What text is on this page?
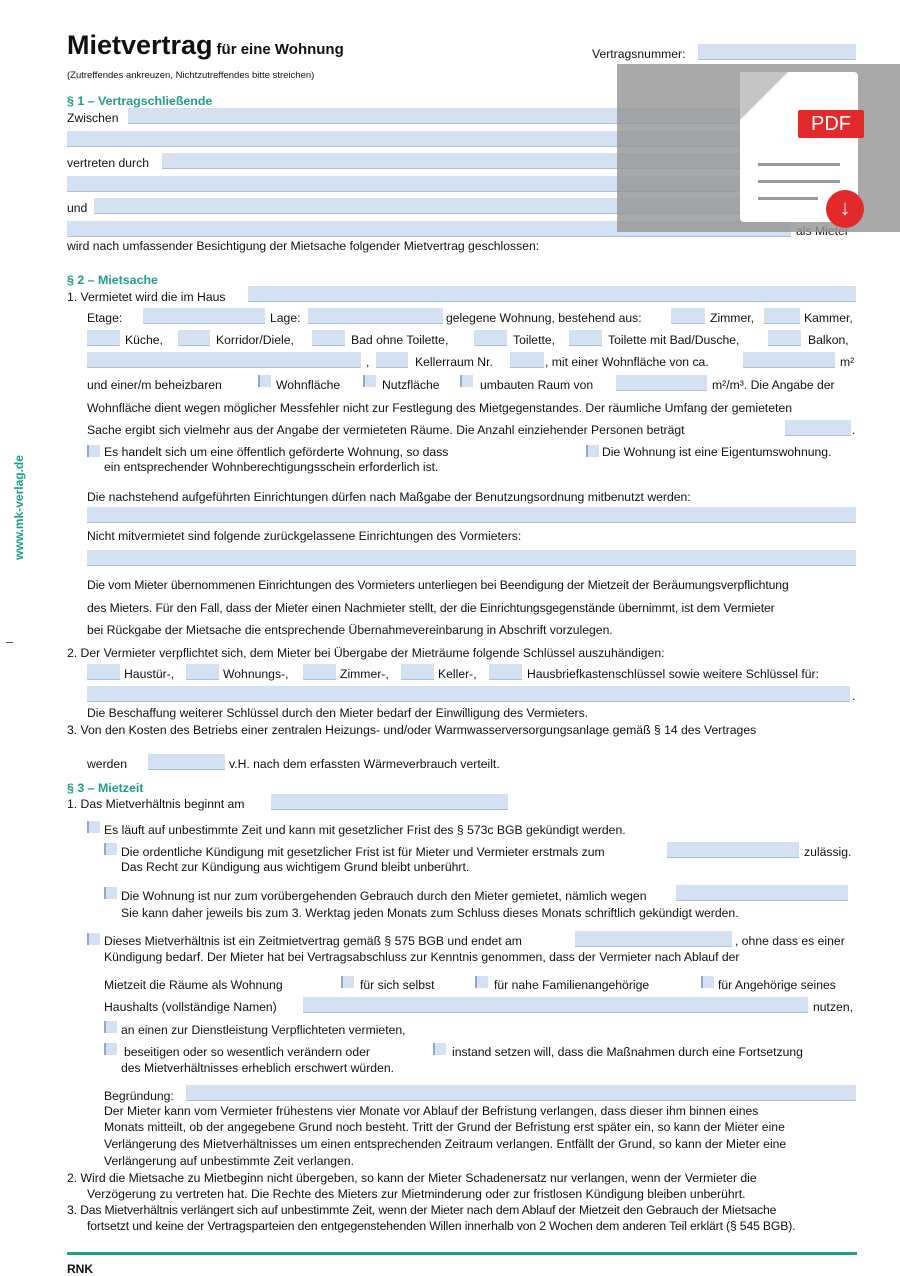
Mietvertrag für eine Wohnung
(Zutreffendes ankreuzen, Nichtzutreffendes bitte streichen)
Vertragsnummer:
www.mk-verlag.de
§ 1 – Vertragschließende
Zwischen
vertreten durch
und
wird nach umfassender Besichtigung der Mietsache folgender Mietvertrag geschlossen:
PDF
↓
§ 2 – Mietsache
1. Vermietet wird die im Haus
Etage:	Lage:	gelegene Wohnung, bestehend aus:	Zimmer,	Kammer,
Küche,	Korridor/Diele,	Bad ohne Toilette,	Toilette,	Toilette mit Bad/Dusche,	Balkon,
,	Kellerraum Nr.	, mit einer Wohnfläche von ca.	m²
und einer/m beheizbaren	Wohnfläche	Nutzfläche	umbauten Raum von	m²/m³. Die Angabe der
Wohnfläche dient wegen möglicher Messfehler nicht zur Festlegung des Mietgegenstandes. Der räumliche Umfang der gemieteten
Sache ergibt sich vielmehr aus der Angabe der vermieteten Räume. Die Anzahl einziehender Personen beträgt	.
Es handelt sich um eine öffentlich geförderte Wohnung, so dass
ein entsprechender Wohnberechtigungsschein erforderlich ist.
Die Wohnung ist eine Eigentumswohnung.
Die nachstehend aufgeführten Einrichtungen dürfen nach Maßgabe der Benutzungsordnung mitbenutzt werden:
Nicht mitvermietet sind folgende zurückgelassene Einrichtungen des Vormieters:
Die vom Mieter übernommenen Einrichtungen des Vormieters unterliegen bei Beendigung der Mietzeit der Beräumungsverpflichtung
des Mieters. Für den Fall, dass der Mieter einen Nachmieter stellt, der die Einrichtungsgegenstände übernimmt, ist dem Vermieter
bei Rückgabe der Mietsache die entsprechende Übernahmevereinbarung in Abschrift vorzulegen.
2. Der Vermieter verpflichtet sich, dem Mieter bei Übergabe der Mieträume folgende Schlüssel auszuhändigen:
Haustür-,	Wohnungs-,	Zimmer-,	Keller-,	Hausbriefkastenschlüssel sowie weitere Schlüssel für:
.
Die Beschaffung weiterer Schlüssel durch den Mieter bedarf der Einwilligung des Vermieters.
3. Von den Kosten des Betriebs einer zentralen Heizungs- und/oder Warmwasserversorgungsanlage gemäß § 14 des Vertrages
werden	v.H. nach dem erfassten Wärmeverbrauch verteilt.
§ 3 – Mietzeit
1. Das Mietverhältnis beginnt am
Es läuft auf unbestimmte Zeit und kann mit gesetzlicher Frist des § 573c BGB gekündigt werden.
Die ordentliche Kündigung mit gesetzlicher Frist ist für Mieter und Vermieter erstmals zum	zulässig.
Das Recht zur Kündigung aus wichtigem Grund bleibt unberührt.
Die Wohnung ist nur zum vorübergehenden Gebrauch durch den Mieter gemietet, nämlich wegen
Sie kann daher jeweils bis zum 3. Werktag jeden Monats zum Schluss dieses Monats schriftlich gekündigt werden.
Dieses Mietverhältnis ist ein Zeitmietvertrag gemäß § 575 BGB und endet am	, ohne dass es einer
Kündigung bedarf. Der Mieter hat bei Vertragsabschluss zur Kenntnis genommen, dass der Vermieter nach Ablauf der
Mietzeit die Räume als Wohnung	für sich selbst	für nahe Familienangehörige	für Angehörige seines
Haushalts (vollständige Namen)	nutzen,
an einen zur Dienstleistung Verpflichteten vermieten,
beseitigen oder so wesentlich verändern oder	instand setzen will, dass die Maßnahmen durch eine Fortsetzung
des Mietverhältnisses erheblich erschwert würden.
Begründung:
Der Mieter kann vom Vermieter frühestens vier Monate vor Ablauf der Befristung verlangen, dass dieser ihm binnen eines
Monats mitteilt, ob der angegebene Grund noch besteht. Tritt der Grund der Befristung erst später ein, so kann der Mieter eine
Verlängerung des Mietverhältnisses um einen entsprechenden Zeitraum verlangen. Entfällt der Grund, so kann der Mieter eine
Verlängerung auf unbestimmte Zeit verlangen.
2. Wird die Mietsache zu Mietbeginn nicht übergeben, so kann der Mieter Schadenersatz nur verlangen, wenn der Vermieter die
Verzögerung zu vertreten hat. Die Rechte des Mieters zur Mietminderung oder zur fristlosen Kündigung bleiben unberührt.
3. Das Mietverhältnis verlängert sich auf unbestimmte Zeit, wenn der Mieter nach dem Ablauf der Mietzeit den Gebrauch der Mietsache
fortsetzt und keine der Vertragsparteien den entgegenstehenden Willen innerhalb von 2 Wochen dem anderen Teil erklärt (§ 545 BGB).
RNK
